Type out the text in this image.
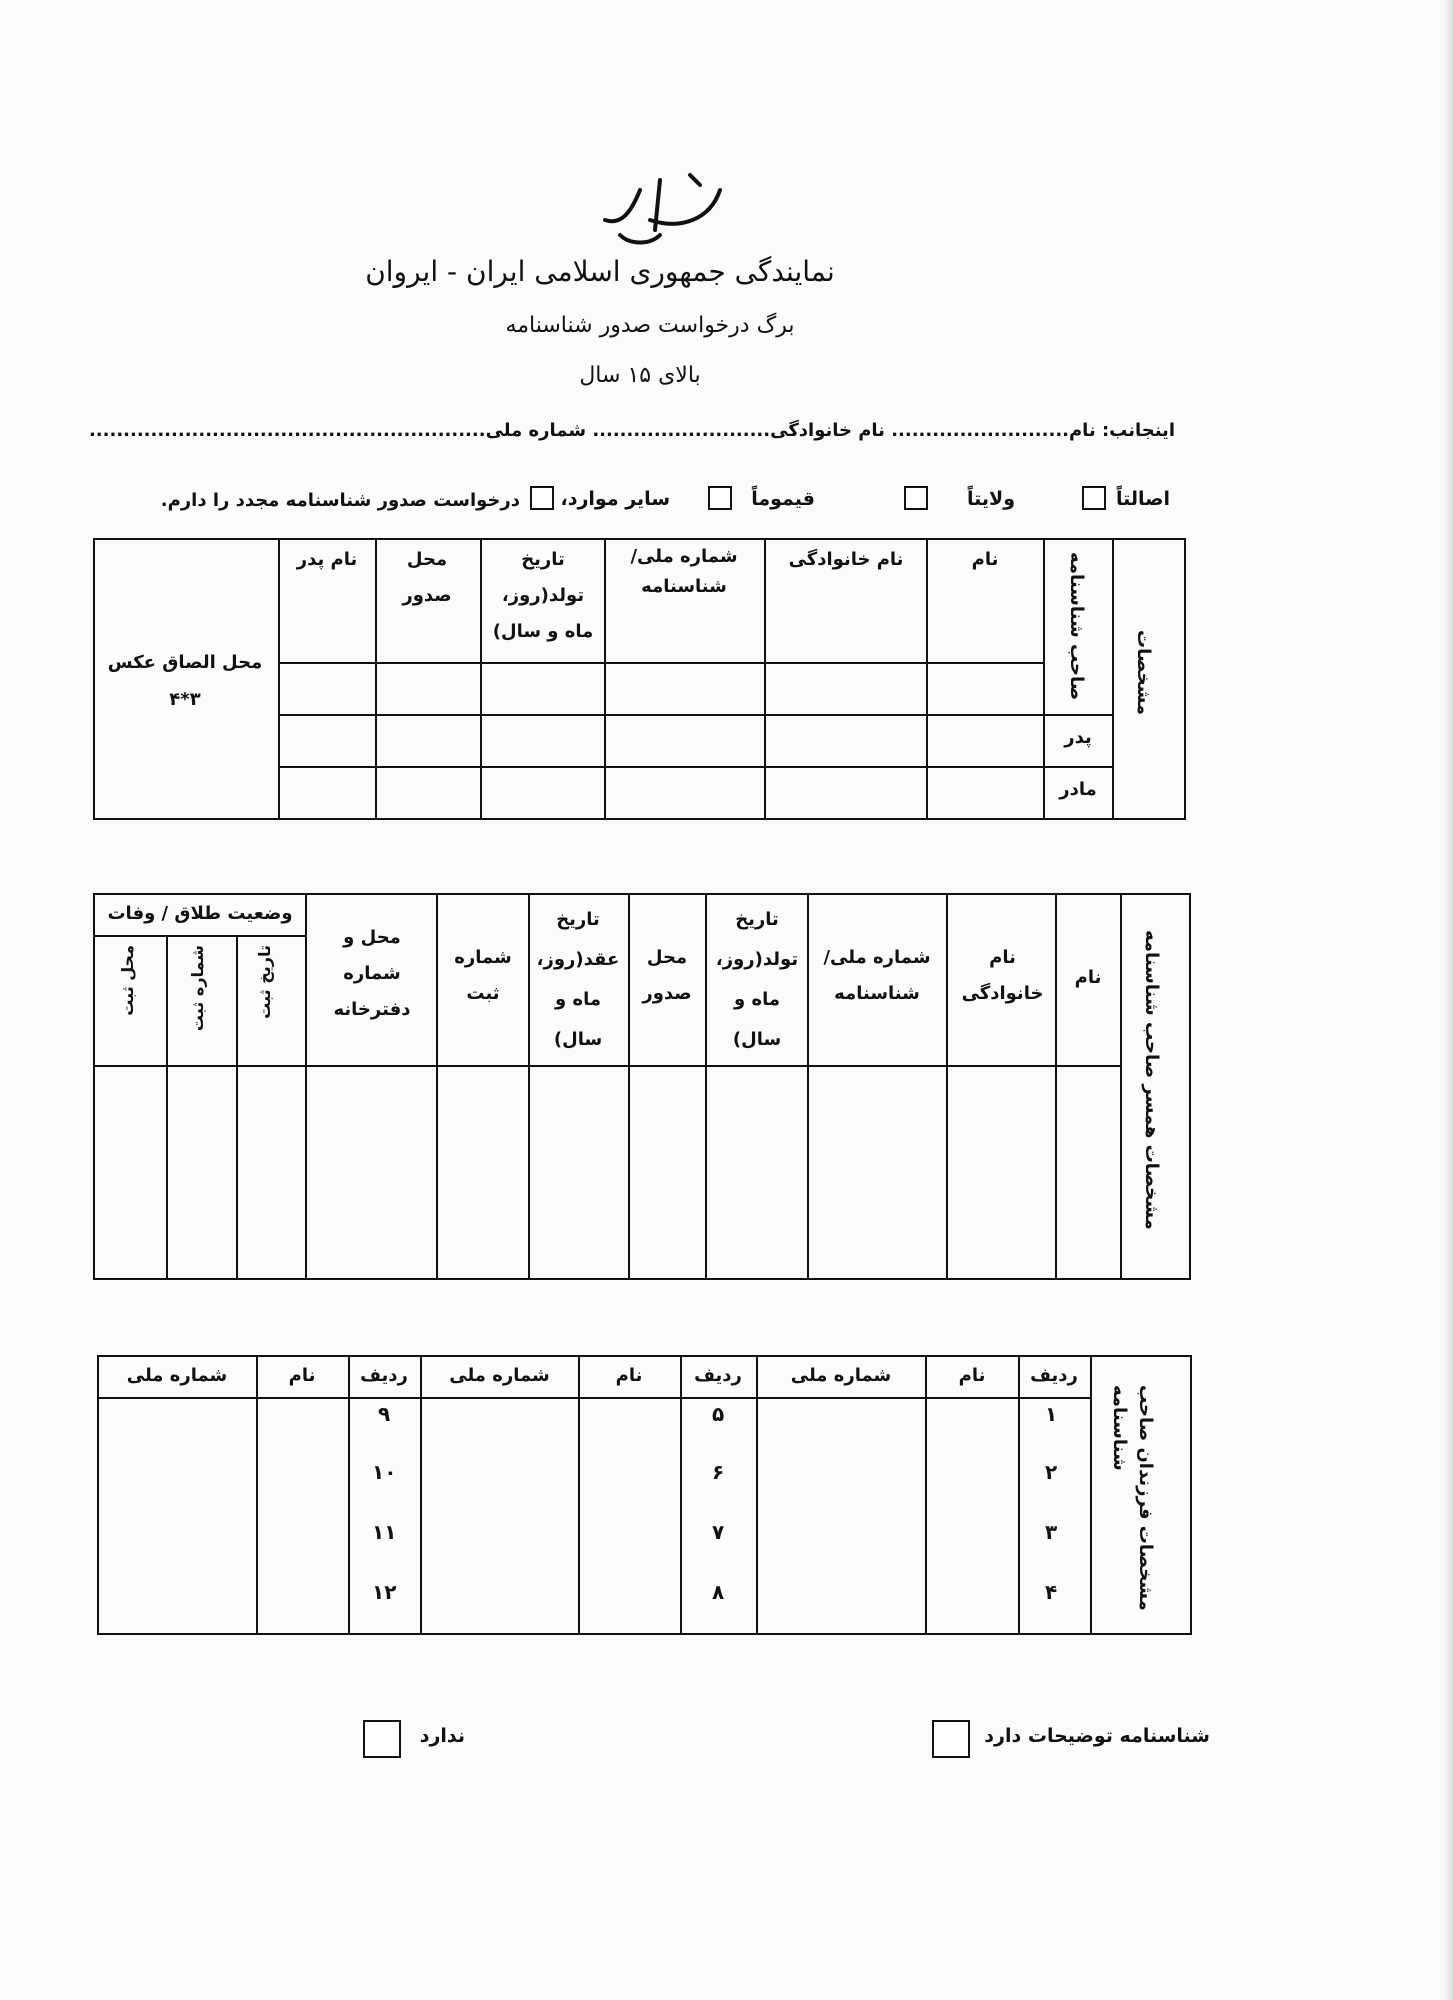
نمایندگی جمهوری اسلامی ایران - ایروان
برگ درخواست صدور شناسنامه
بالای ۱۵ سال
اینجانب: نام.......................... نام خانوادگی.......................... شماره ملی..........................................................
اصالتاً
ولایتاً
قیموماً
سایر موارد،
درخواست صدور شناسنامه مجدد را دارم.
مشخصات
صاحب شناسنامه
پدر
مادر
نام
نام خانوادگی
شماره ملی/ شناسنامه
تاریخ تولد(روز، ماه و سال)
محل صدور
نام پدر
محل الصاق عکس
۳*۴
مشخصات همسر صاحب شناسنامه
نام
نام خانوادگی
شماره ملی/ شناسنامه
تاریخ تولد(روز، ماه و سال)
محل صدور
تاریخ عقد(روز، ماه و سال)
شماره ثبت
محل و شماره دفترخانه
وضعیت طلاق / وفات
تاریخ ثبت
شماره ثبت
محل ثبت
مشخصات فرزندان صاحب شناسنامه
ردیف
نام
شماره ملی
ردیف
نام
شماره ملی
ردیف
نام
شماره ملی
۱
۲
۳
۴
۵
۶
۷
۸
۹
۱۰
۱۱
۱۲
شناسنامه توضیحات دارد
ندارد
